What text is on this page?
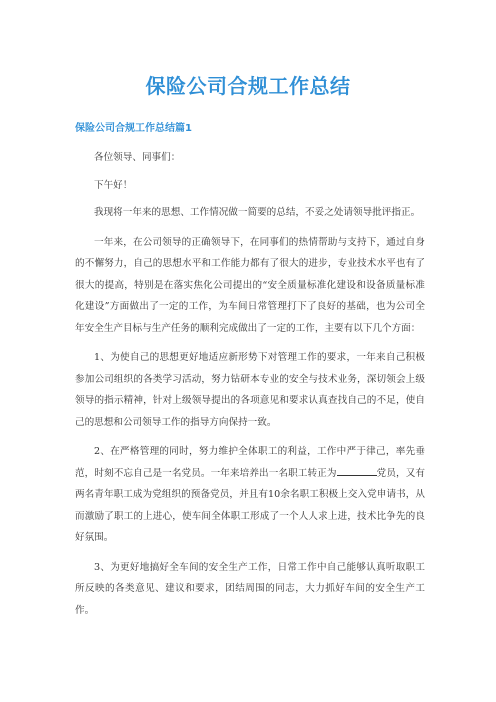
保险公司合规工作总结
保险公司合规工作总结篇1

各位领导、同事们：

下午好！

我现将一年来的思想、工作情况做一简要的总结，不妥之处请领导批评指正。

一年来，在公司领导的正确领导下，在同事们的热情帮助与支持下，通过自身的不懈努力，自己的思想水平和工作能力都有了很大的进步，专业技术水平也有了很大的提高，特别是在落实焦化公司提出的“安全质量标准化建设和设备质量标准化建设”方面做出了一定的工作，为车间日常管理打下了良好的基础，也为公司全年安全生产目标与生产任务的顺利完成做出了一定的工作，主要有以下几个方面：

1、为使自己的思想更好地适应新形势下对管理工作的要求，一年来自己积极参加公司组织的各类学习活动，努力钻研本专业的安全与技术业务，深切领会上级领导的指示精神，针对上级领导提出的各项意见和要求认真查找自己的不足，使自己的思想和公司领导工作的指导方向保持一致。

2、在严格管理的同时，努力维护全体职工的利益，工作中严于律己，率先垂范，时刻不忘自己是一名党员。一年来培养出一名职工转正为	党员，又有两名青年职工成为党组织的预备党员，并且有10余名职工积极上交入党申请书，从而激励了职工的上进心，使车间全体职工形成了一个人人求上进，技术比争先的良好氛围。

3、为更好地搞好全车间的安全生产工作，日常工作中自己能够认真听取职工所反映的各类意见、建议和要求，团结周围的同志，大力抓好车间的安全生产工作。
